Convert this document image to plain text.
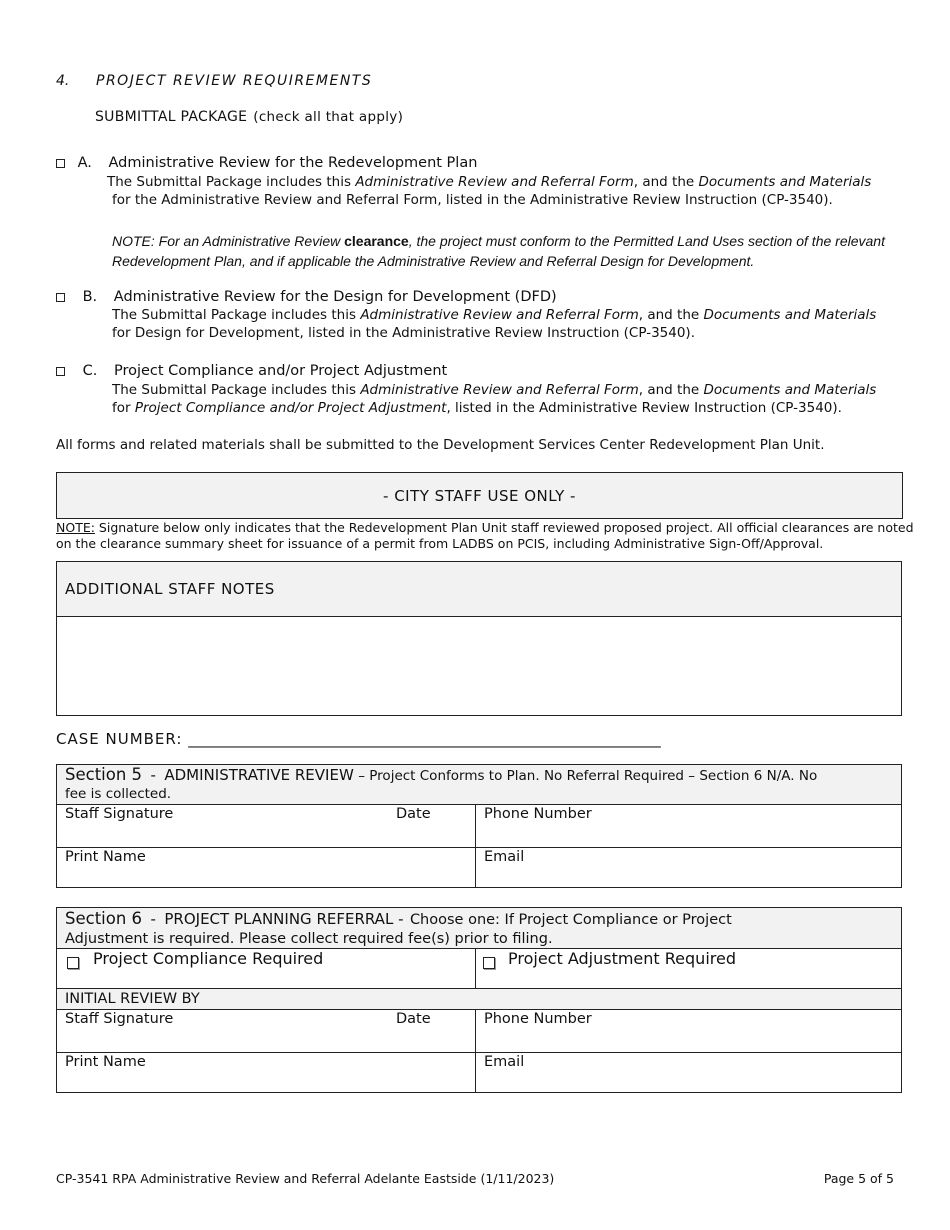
4. PROJECT REVIEW REQUIREMENTS
SUBMITTAL PACKAGE (check all that apply)
A. Administrative Review for the Redevelopment Plan
The Submittal Package includes this Administrative Review and Referral Form, and the Documents and Materials
for the Administrative Review and Referral Form, listed in the Administrative Review Instruction (CP-3540).
NOTE: For an Administrative Review clearance, the project must conform to the Permitted Land Uses section of the relevant
Redevelopment Plan, and if applicable the Administrative Review and Referral Design for Development.
B. Administrative Review for the Design for Development (DFD)
The Submittal Package includes this Administrative Review and Referral Form, and the Documents and Materials
for Design for Development, listed in the Administrative Review Instruction (CP-3540).
C. Project Compliance and/or Project Adjustment
The Submittal Package includes this Administrative Review and Referral Form, and the Documents and Materials
for Project Compliance and/or Project Adjustment, listed in the Administrative Review Instruction (CP-3540).
All forms and related materials shall be submitted to the Development Services Center Redevelopment Plan Unit.
- CITY STAFF USE ONLY -
NOTE: Signature below only indicates that the Redevelopment Plan Unit staff reviewed proposed project. All official clearances are noted
on the clearance summary sheet for issuance of a permit from LADBS on PCIS, including Administrative Sign-Off/Approval.
ADDITIONAL STAFF NOTES
CASE NUMBER: _______________________________________________________________
Section 5 - ADMINISTRATIVE REVIEW – Project Conforms to Plan. No Referral Required – Section 6 N/A. No
fee is collected.
Staff Signature	Date	Phone Number
Print Name	Email
Section 6 - PROJECT PLANNING REFERRAL - Choose one: If Project Compliance or Project
Adjustment is required. Please collect required fee(s) prior to filing.
Project Compliance Required	Project Adjustment Required
INITIAL REVIEW BY
Staff Signature	Date	Phone Number
Print Name	Email
CP-3541 RPA Administrative Review and Referral Adelante Eastside (1/11/2023)	Page 5 of 5
